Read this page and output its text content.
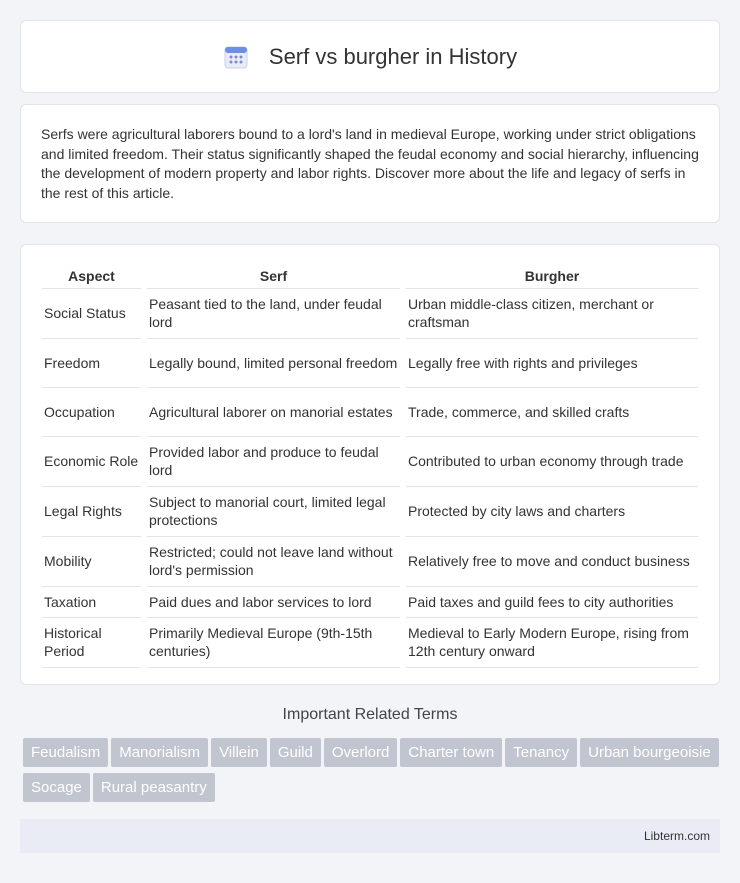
Serf vs burgher in History

Serfs were agricultural laborers bound to a lord's land in medieval Europe, working under strict obligations and limited freedom. Their status significantly shaped the feudal economy and social hierarchy, influencing the development of modern property and labor rights. Discover more about the life and legacy of serfs in the rest of this article.

Aspect	Serf	Burgher
Social Status	Peasant tied to the land, under feudal lord	Urban middle-class citizen, merchant or craftsman
Freedom	Legally bound, limited personal freedom	Legally free with rights and privileges
Occupation	Agricultural laborer on manorial estates	Trade, commerce, and skilled crafts
Economic Role	Provided labor and produce to feudal lord	Contributed to urban economy through trade
Legal Rights	Subject to manorial court, limited legal protections	Protected by city laws and charters
Mobility	Restricted; could not leave land without lord's permission	Relatively free to move and conduct business
Taxation	Paid dues and labor services to lord	Paid taxes and guild fees to city authorities
Historical Period	Primarily Medieval Europe (9th-15th centuries)	Medieval to Early Modern Europe, rising from 12th century onward
Important Related Terms
Feudalism Manorialism Villein Guild Overlord Charter town Tenancy Urban bourgeoisieSocage Rural peasantry
Libterm.com
